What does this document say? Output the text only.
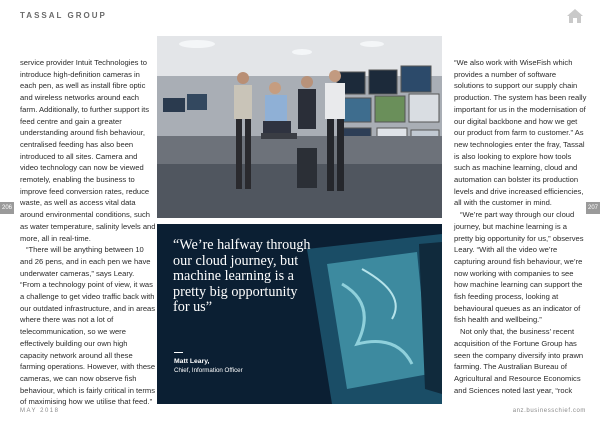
TASSAL GROUP
206	207

service provider Intuit Technologies to introduce high-definition cameras in each pen, as well as install fibre optic and wireless networks around each farm. Additionally, to further support its feed centre and gain a greater understanding around fish behaviour, centralised feeding has also been introduced to all sites. Camera and video technology can now be viewed remotely, enabling the business to improve feed conversion rates, reduce waste, as well as access vital data around environmental conditions, such as water temperature, salinity levels and more, all in real-time.

“There will be anything between 10 and 26 pens, and in each pen we have underwater cameras,” says Leary. “From a technology point of view, it was a challenge to get video traffic back with our outdated infrastructure, and in areas where there was not a lot of telecommunication, so we were effectively building our own high capacity network around all these farming operations. However, with these cameras, we can now observe fish behaviour, which is fairly critical in terms of maximising how we utilise that feed.”

“We’re halfway through our cloud journey, but machine learning is a pretty big opportunity for us”
Matt Leary,
Chief, Information Officer

“We also work with WiseFish which provides a number of software solutions to support our supply chain production. The system has been really important for us in the modernisation of our digital backbone and how we get our product from farm to customer.” As new technologies enter the fray, Tassal is also looking to explore how tools such as machine learning, cloud and automation can bolster its production levels and drive increased efficiencies, all with the customer in mind.

“We’re part way through our cloud journey, but machine learning is a pretty big opportunity for us,” observes Leary. “With all the video we’re capturing around fish behaviour, we’re now working with companies to see how machine learning can support the fish feeding process, looking at behavioural queues as an indicator of fish health and wellbeing.”

Not only that, the business’ recent acquisition of the Fortune Group has seen the company diversify into prawn farming. The Australian Bureau of Agricultural and Resource Economics and Sciences noted last year, “rock

MAY 2018	anz.businesschief.com
